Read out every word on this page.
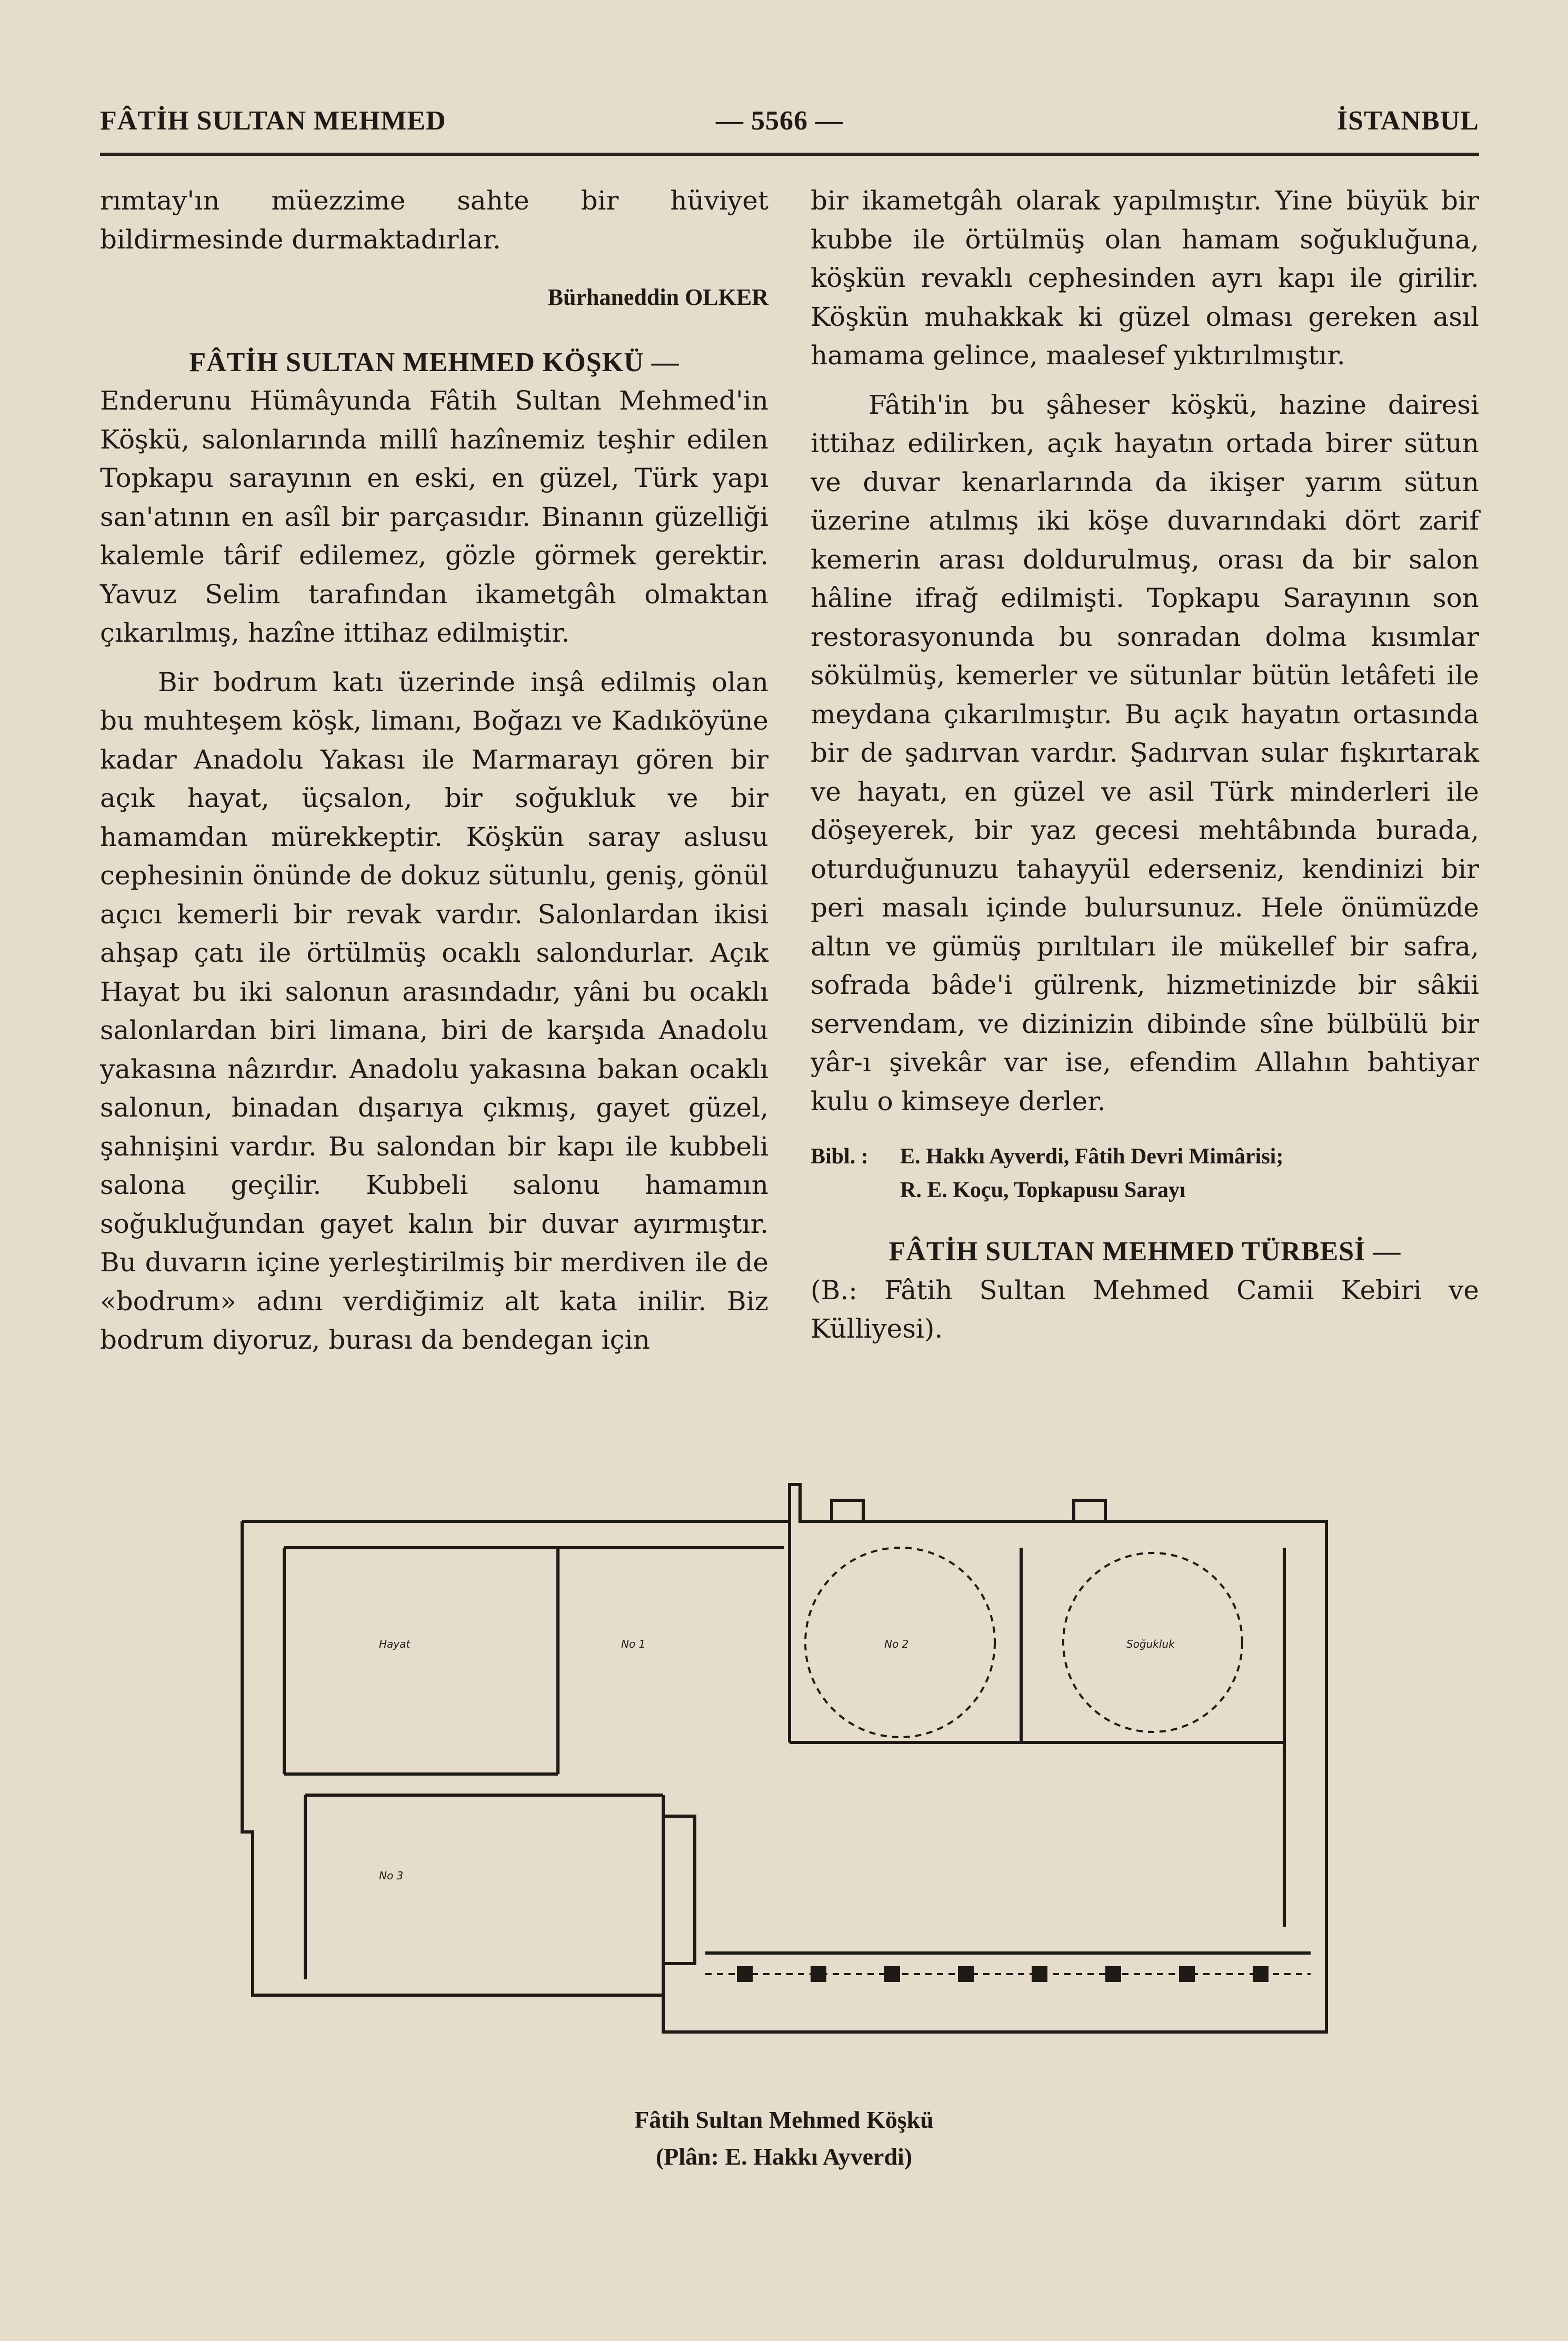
FÂTİH SULTAN MEHMED	— 5566 —	İSTANBUL

rımtay'ın müezzime sahte bir hüviyet bildirmesinde durmaktadırlar.

Bürhaneddin OLKER
FÂTİH SULTAN MEHMED KÖŞKÜ —

Enderunu Hümâyunda Fâtih Sultan Mehmed'in Köşkü, salonlarında millî hazînemiz teşhir edilen Topkapu sarayının en eski, en güzel, Türk yapı san'atının en asîl bir parçasıdır. Binanın güzelliği kalemle târif edilemez, gözle görmek gerektir. Yavuz Selim tarafından ikametgâh olmaktan çıkarılmış, hazîne ittihaz edilmiştir.

Bir bodrum katı üzerinde inşâ edilmiş olan bu muhteşem köşk, limanı, Boğazı ve Kadıköyüne kadar Anadolu Yakası ile Marmarayı gören bir açık hayat, üçsalon, bir soğukluk ve bir hamamdan mürekkeptir. Köşkün saray aslusu cephesinin önünde de dokuz sütunlu, geniş, gönül açıcı kemerli bir revak vardır. Salonlardan ikisi ahşap çatı ile örtülmüş ocaklı salondurlar. Açık Hayat bu iki salonun arasındadır, yâni bu ocaklı salonlardan biri limana, biri de karşıda Anadolu yakasına nâzırdır. Anadolu yakasına bakan ocaklı salonun, binadan dışarıya çıkmış, gayet güzel, şahnişini vardır. Bu salondan bir kapı ile kubbeli salona geçilir. Kubbeli salonu hamamın soğukluğundan gayet kalın bir duvar ayırmıştır. Bu duvarın içine yerleştirilmiş bir merdiven ile de «bodrum» adını verdiğimiz alt kata inilir. Biz bodrum diyoruz, burası da bendegan için

bir ikametgâh olarak yapılmıştır. Yine büyük bir kubbe ile örtülmüş olan hamam soğukluğuna, köşkün revaklı cephesinden ayrı kapı ile girilir. Köşkün muhakkak ki güzel olması gereken asıl hamama gelince, maalesef yıktırılmıştır.

Fâtih'in bu şâheser köşkü, hazine dairesi ittihaz edilirken, açık hayatın ortada birer sütun ve duvar kenarlarında da ikişer yarım sütun üzerine atılmış iki köşe duvarındaki dört zarif kemerin arası doldurulmuş, orası da bir salon hâline ifrağ edilmişti. Topkapu Sarayının son restorasyonunda bu sonradan dolma kısımlar sökülmüş, kemerler ve sütunlar bütün letâfeti ile meydana çıkarılmıştır. Bu açık hayatın ortasında bir de şadırvan vardır. Şadırvan sular fışkırtarak ve hayatı, en güzel ve asil Türk minderleri ile döşeyerek, bir yaz gecesi mehtâbında burada, oturduğunuzu tahayyül ederseniz, kendinizi bir peri masalı içinde bulursunuz. Hele önümüzde altın ve gümüş pırıltıları ile mükellef bir safra, sofrada bâde'i gülrenk, hizmetinizde bir sâkii servendam, ve dizinizin dibinde sîne bülbülü bir yâr-ı şivekâr var ise, efendim Allahın bahtiyar kulu o kimseye derler.

Bibl. : E. Hakkı Ayverdi, Fâtih Devri Mimârisi;
R. E. Koçu, Topkapusu Sarayı
FÂTİH SULTAN MEHMED TÜRBESİ —

(B.: Fâtih Sultan Mehmed Camii Kebiri ve Külliyesi).

Hayat	No 1	No 2
No 3
Soğukluk
Fâtih Sultan Mehmed Köşkü
(Plân: E. Hakkı Ayverdi)
